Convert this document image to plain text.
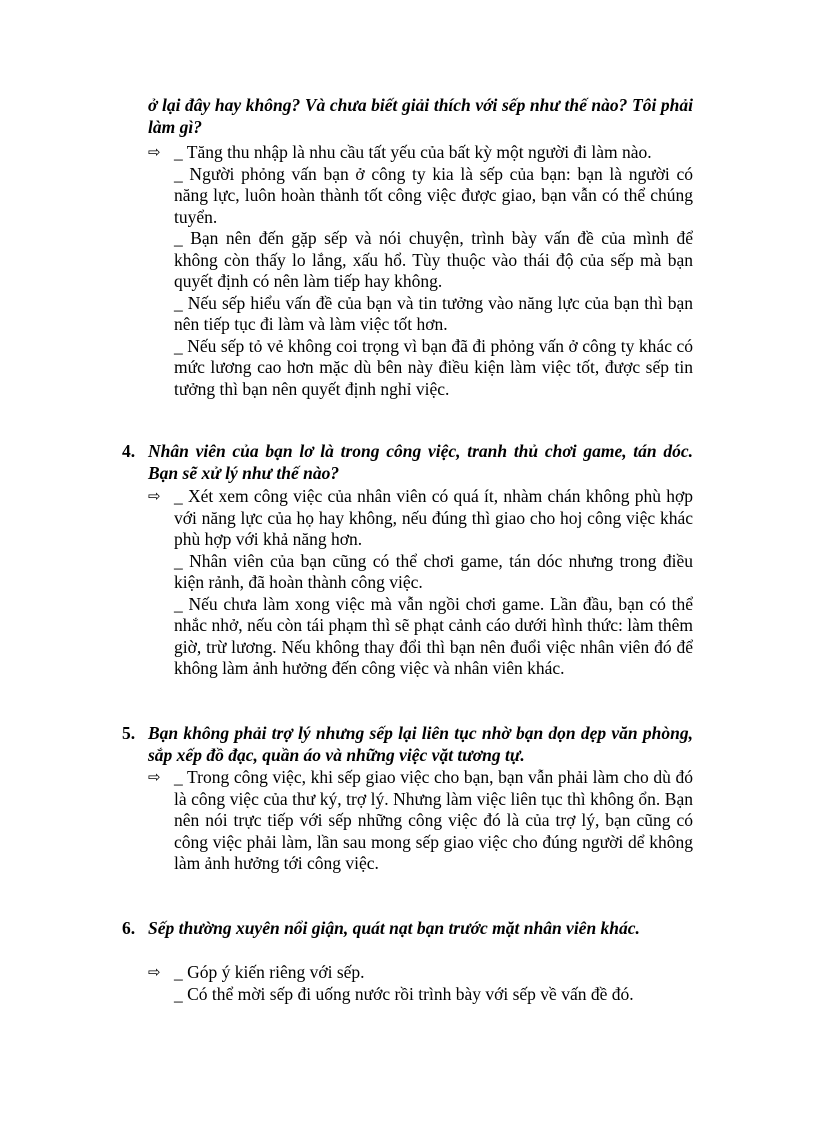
ở lại đây hay không? Và chưa biết giải thích với sếp như thế nào? Tôi phải làm gì?
⇨ _ Tăng thu nhập là nhu cầu tất yếu của bất kỳ một người đi làm nào.

_ Người phỏng vấn bạn ở công ty kia là sếp của bạn: bạn là người có năng lực, luôn hoàn thành tốt công việc được giao, bạn vẫn có thể chúng tuyển.

_ Bạn nên đến gặp sếp và nói chuyện, trình bày vấn đề của mình để không còn thấy lo lắng, xấu hổ. Tùy thuộc vào thái độ của sếp mà bạn quyết định có nên làm tiếp hay không.

_ Nếu sếp hiểu vấn đề của bạn và tin tưởng vào năng lực của bạn thì bạn nên tiếp tục đi làm và làm việc tốt hơn.

_ Nếu sếp tỏ vẻ không coi trọng vì bạn đã đi phỏng vấn ở công ty khác có mức lương cao hơn mặc dù bên này điều kiện làm việc tốt, được sếp tin tưởng thì bạn nên quyết định nghỉ việc.

4. Nhân viên của bạn lơ là trong công việc, tranh thủ chơi game, tán dóc. Bạn sẽ xử lý như thế nào?
⇨ _ Xét xem công việc của nhân viên có quá ít, nhàm chán không phù hợp với năng lực của họ hay không, nếu đúng thì giao cho hoj công việc khác phù hợp với khả năng hơn.

_ Nhân viên của bạn cũng có thể chơi game, tán dóc nhưng trong điều kiện rảnh, đã hoàn thành công việc.

_ Nếu chưa làm xong việc mà vẫn ngồi chơi game. Lần đầu, bạn có thể nhắc nhở, nếu còn tái phạm thì sẽ phạt cảnh cáo dưới hình thức: làm thêm giờ, trừ lương. Nếu không thay đổi thì bạn nên đuổi việc nhân viên đó để không làm ảnh hưởng đến công việc và nhân viên khác.

5. Bạn không phải trợ lý nhưng sếp lại liên tục nhờ bạn dọn dẹp văn phòng, sắp xếp đồ đạc, quần áo và những việc vặt tương tự.
⇨ _ Trong công việc, khi sếp giao việc cho bạn, bạn vẫn phải làm cho dù đó là công việc của thư ký, trợ lý. Nhưng làm việc liên tục thì không ổn. Bạn nên nói trực tiếp với sếp những công việc đó là của trợ lý, bạn cũng có công việc phải làm, lần sau mong sếp giao việc cho đúng người dể không làm ảnh hưởng tới công việc.

6. Sếp thường xuyên nổi giận, quát nạt bạn trước mặt nhân viên khác.
⇨ _ Góp ý kiến riêng với sếp.

_ Có thể mời sếp đi uống nước rồi trình bày với sếp về vấn đề đó.
